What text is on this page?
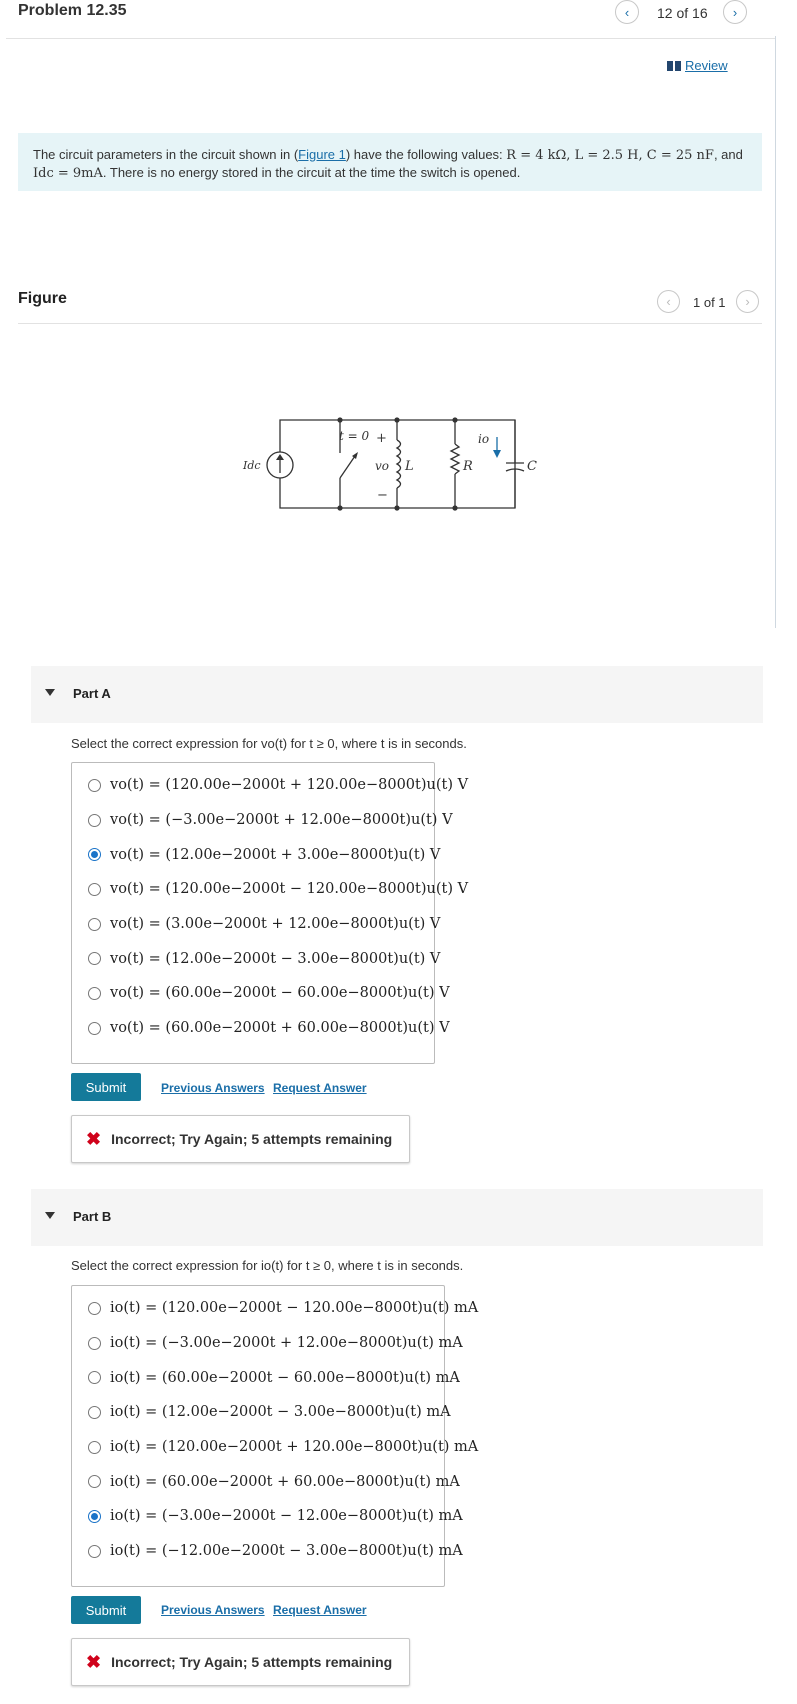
Problem 12.35	‹ 12 of 16 ›
Review
The circuit parameters in the circuit shown in (Figure 1) have the following values: R = 4 kΩ, L = 2.5 H, C = 25 nF, and
Idc = 9mA. There is no energy stored in the circuit at the time the switch is opened.
Figure	‹ 1 of 1 ›
Idc
t = 0 +
−
vo L	R
io
C
Part A
Select the correct expression for vo(t) for t ≥ 0, where t is in seconds.
vo(t) = (120.00e−2000t + 120.00e−8000t)u(t) V
vo(t) = (−3.00e−2000t + 12.00e−8000t)u(t) V
vo(t) = (12.00e−2000t + 3.00e−8000t)u(t) V
vo(t) = (120.00e−2000t − 120.00e−8000t)u(t) V
vo(t) = (3.00e−2000t + 12.00e−8000t)u(t) V
vo(t) = (12.00e−2000t − 3.00e−8000t)u(t) V
vo(t) = (60.00e−2000t − 60.00e−8000t)u(t) V
vo(t) = (60.00e−2000t + 60.00e−8000t)u(t) V
Submit	Previous Answers Request Answer
✖ Incorrect; Try Again; 5 attempts remaining
Part B
Select the correct expression for io(t) for t ≥ 0, where t is in seconds.
io(t) = (120.00e−2000t − 120.00e−8000t)u(t) mA
io(t) = (−3.00e−2000t + 12.00e−8000t)u(t) mA
io(t) = (60.00e−2000t − 60.00e−8000t)u(t) mA
io(t) = (12.00e−2000t − 3.00e−8000t)u(t) mA
io(t) = (120.00e−2000t + 120.00e−8000t)u(t) mA
io(t) = (60.00e−2000t + 60.00e−8000t)u(t) mA
io(t) = (−3.00e−2000t − 12.00e−8000t)u(t) mA
io(t) = (−12.00e−2000t − 3.00e−8000t)u(t) mA
Submit	Previous Answers Request Answer
✖ Incorrect; Try Again; 5 attempts remaining
